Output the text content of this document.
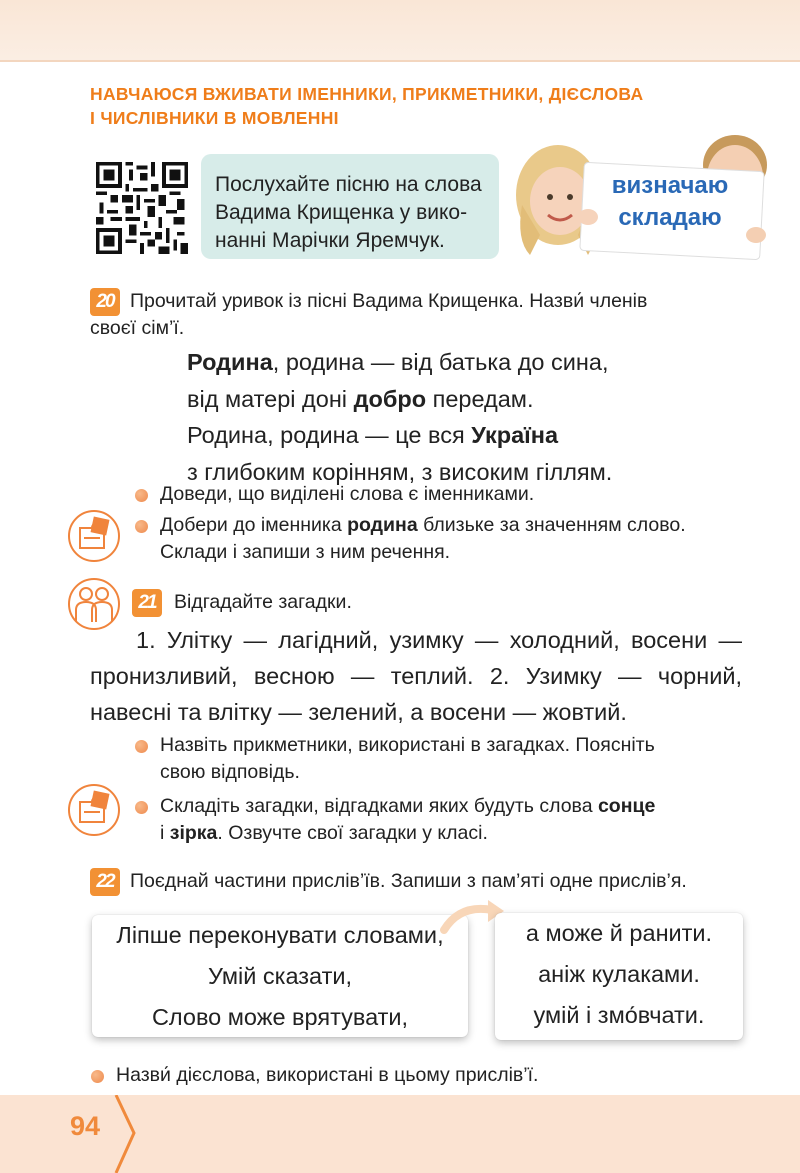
НАВЧАЮСЯ ВЖИВАТИ ІМЕННИКИ, ПРИКМЕТНИКИ, ДІЄСЛОВА
І ЧИСЛІВНИКИ В МОВЛЕННІ
Послухайте пісню на слова
Вадима Крищенка у вико-
нанні Марічки Яремчук.
визначаю
складаю
20 Прочитай уривок із пісні Вадима Крищенка. Назви́ членів
своєї сім’ї.
Родина, родина — від батька до сина,
від матері доні добро передам.
Родина, родина — це вся Україна
з глибоким корінням, з високим гіллям.
Доведи, що виділені слова є іменниками.
Добери до іменника родина близьке за значенням слово.
Склади і запиши з ним речення.
21 Відгадайте загадки.
1. Улітку — лагідний, узимку — холодний, восени — пронизливий, весною — теплий. 2. Узимку — чорний, навесні та влітку — зелений, а восени — жовтий.
Назвіть прикметники, використані в загадках. Поясніть
свою відповідь.
Складіть загадки, відгадками яких будуть слова сонце
і зірка. Озвучте свої загадки у класі.
22 Поєднай частини прислів’їв. Запиши з пам’яті одне прислів’я.
Ліпше переконувати словами,
Умій сказати,
Слово може врятувати,
а може й ранити.
аніж кулаками.
умій і змо́вчати.
Назви́ дієслова, використані в цьому прислів’ї.
94
